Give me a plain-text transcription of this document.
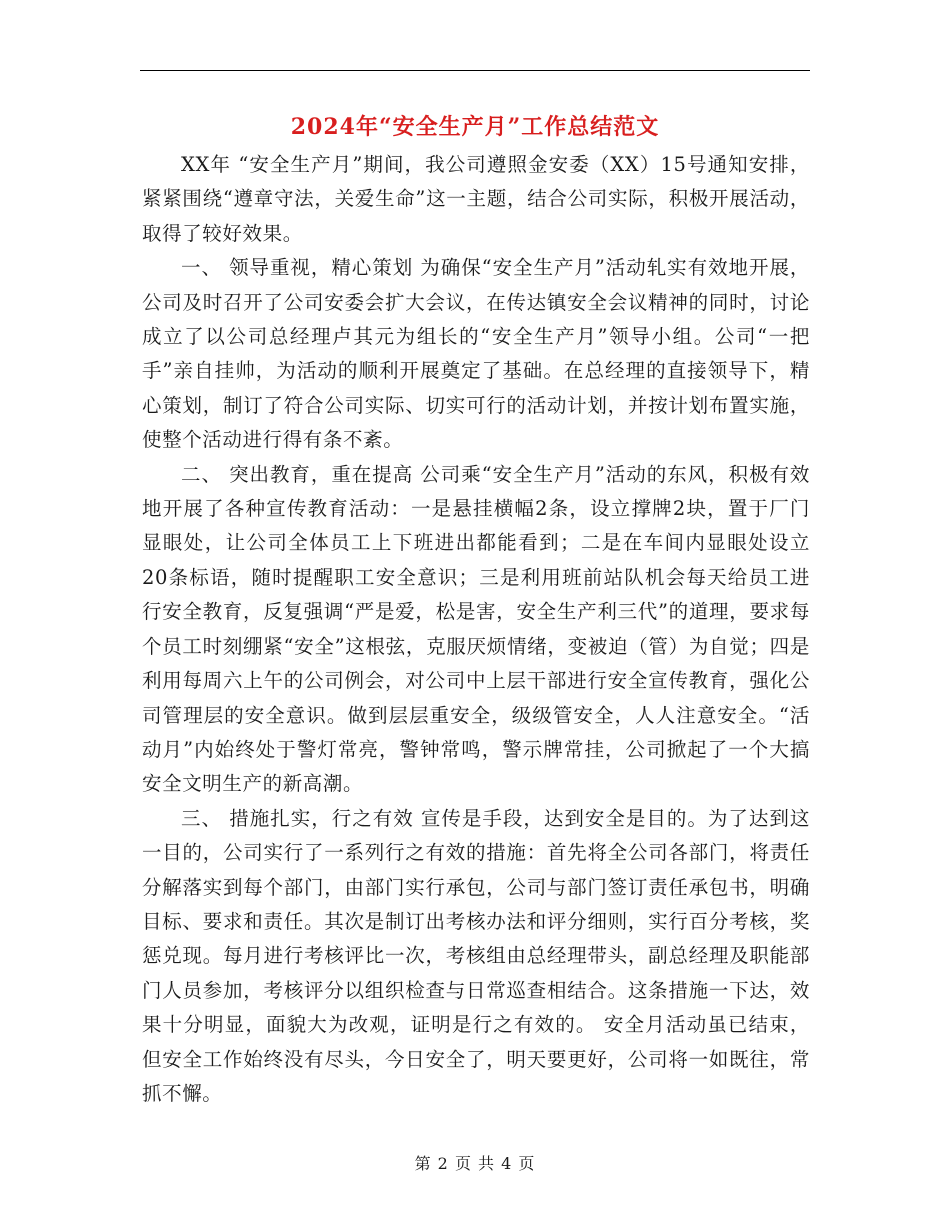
2024年“安全生产月”工作总结范文

XX年 “安全生产月”期间，我公司遵照金安委（XX）15号通知安排，紧紧围绕“遵章守法，关爱生命”这一主题，结合公司实际，积极开展活动，取得了较好效果。

一、 领导重视，精心策划 为确保“安全生产月”活动轧实有效地开展，公司及时召开了公司安委会扩大会议，在传达镇安全会议精神的同时，讨论成立了以公司总经理卢其元为组长的“安全生产月”领导小组。公司“一把手”亲自挂帅，为活动的顺利开展奠定了基础。在总经理的直接领导下，精心策划，制订了符合公司实际、切实可行的活动计划，并按计划布置实施，使整个活动进行得有条不紊。

二、 突出教育，重在提高 公司乘“安全生产月”活动的东风，积极有效地开展了各种宣传教育活动：一是悬挂横幅2条，设立撑牌2块，置于厂门显眼处，让公司全体员工上下班进出都能看到；二是在车间内显眼处设立20条标语，随时提醒职工安全意识；三是利用班前站队机会每天给员工进行安全教育，反复强调“严是爱，松是害，安全生产利三代”的道理，要求每个员工时刻绷紧“安全”这根弦，克服厌烦情绪，变被迫（管）为自觉；四是利用每周六上午的公司例会，对公司中上层干部进行安全宣传教育，强化公司管理层的安全意识。做到层层重安全，级级管安全，人人注意安全。“活动月”内始终处于警灯常亮，警钟常鸣，警示牌常挂，公司掀起了一个大搞安全文明生产的新高潮。

三、 措施扎实，行之有效 宣传是手段，达到安全是目的。为了达到这一目的，公司实行了一系列行之有效的措施：首先将全公司各部门，将责任分解落实到每个部门，由部门实行承包，公司与部门签订责任承包书，明确目标、要求和责任。其次是制订出考核办法和评分细则，实行百分考核，奖惩兑现。每月进行考核评比一次，考核组由总经理带头，副总经理及职能部门人员参加，考核评分以组织检查与日常巡查相结合。这条措施一下达，效果十分明显，面貌大为改观，证明是行之有效的。 安全月活动虽已结束，但安全工作始终没有尽头，今日安全了，明天要更好，公司将一如既往，常抓不懈。

第 2 页 共 4 页
